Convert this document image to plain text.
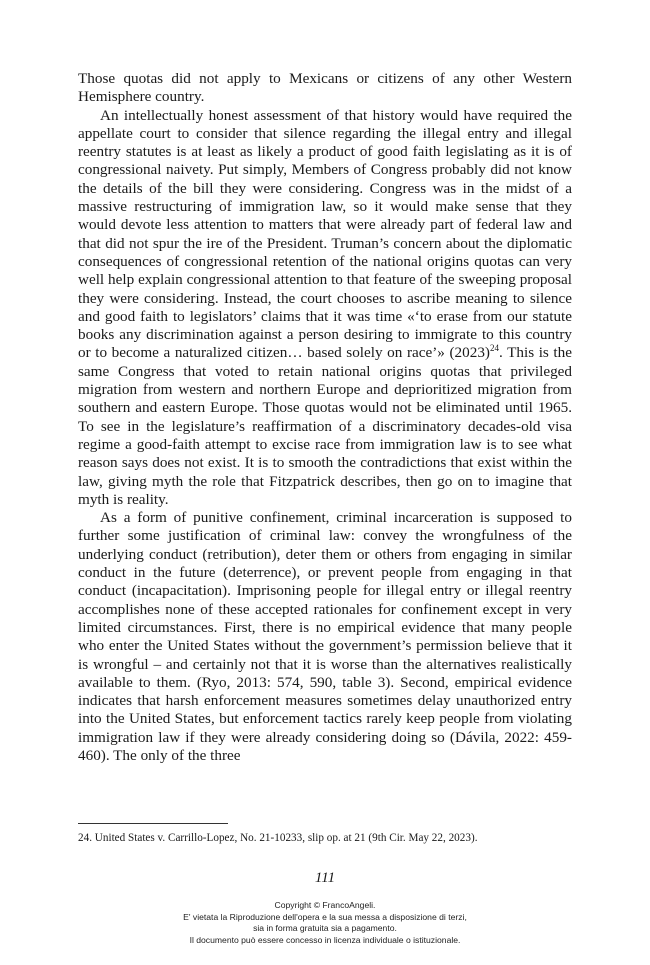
Those quotas did not apply to Mexicans or citizens of any other Western Hemisphere country.

An intellectually honest assessment of that history would have required the appellate court to consider that silence regarding the illegal entry and illegal reentry statutes is at least as likely a product of good faith legislating as it is of congressional naivety. Put simply, Members of Congress probably did not know the details of the bill they were considering. Congress was in the midst of a massive restructuring of immigration law, so it would make sense that they would devote less attention to matters that were already part of federal law and that did not spur the ire of the President. Truman’s concern about the diplomatic consequences of congressional retention of the national origins quotas can very well help explain congressional attention to that feature of the sweeping proposal they were considering. Instead, the court chooses to ascribe meaning to silence and good faith to legislators’ claims that it was time «‘to erase from our statute books any discrimination against a person desiring to immigrate to this country or to become a naturalized citizen… based solely on race’» $(2023)^{24}$. This is the same Congress that voted to retain national origins quotas that privileged migration from western and northern Europe and deprioritized migration from southern and eastern Europe. Those quotas would not be eliminated until 1965. To see in the legislature’s reaffirmation of a discriminatory decades-old visa regime a good-faith attempt to excise race from immigration law is to see what reason says does not exist. It is to smooth the contradictions that exist within the law, giving myth the role that Fitzpatrick describes, then go on to imagine that myth is reality.

As a form of punitive confinement, criminal incarceration is supposed to further some justification of criminal law: convey the wrongfulness of the underlying conduct (retribution), deter them or others from engaging in similar conduct in the future (deterrence), or prevent people from engaging in that conduct (incapacitation). Imprisoning people for illegal entry or illegal reentry accomplishes none of these accepted rationales for confinement except in very limited circumstances. First, there is no empirical evidence that many people who enter the United States without the government’s permission believe that it is wrongful – and certainly not that it is worse than the alternatives realistically available to them. (Ryo, 2013: 574, 590, table 3). Second, empirical evidence indicates that harsh enforcement measures sometimes delay unauthorized entry into the United States, but enforcement tactics rarely keep people from violating immigration law if they were already considering doing so (Dávila, 2022: 459-460). The only of the three

24. United States v. Carrillo-Lopez, No. 21-10233, slip op. at 21 (9th Cir. May 22, 2023).
111
Copyright © FrancoAngeli.
E' vietata la Riproduzione dell'opera e la sua messa a disposizione di terzi,
sia in forma gratuita sia a pagamento.
Il documento può essere concesso in licenza individuale o istituzionale.
